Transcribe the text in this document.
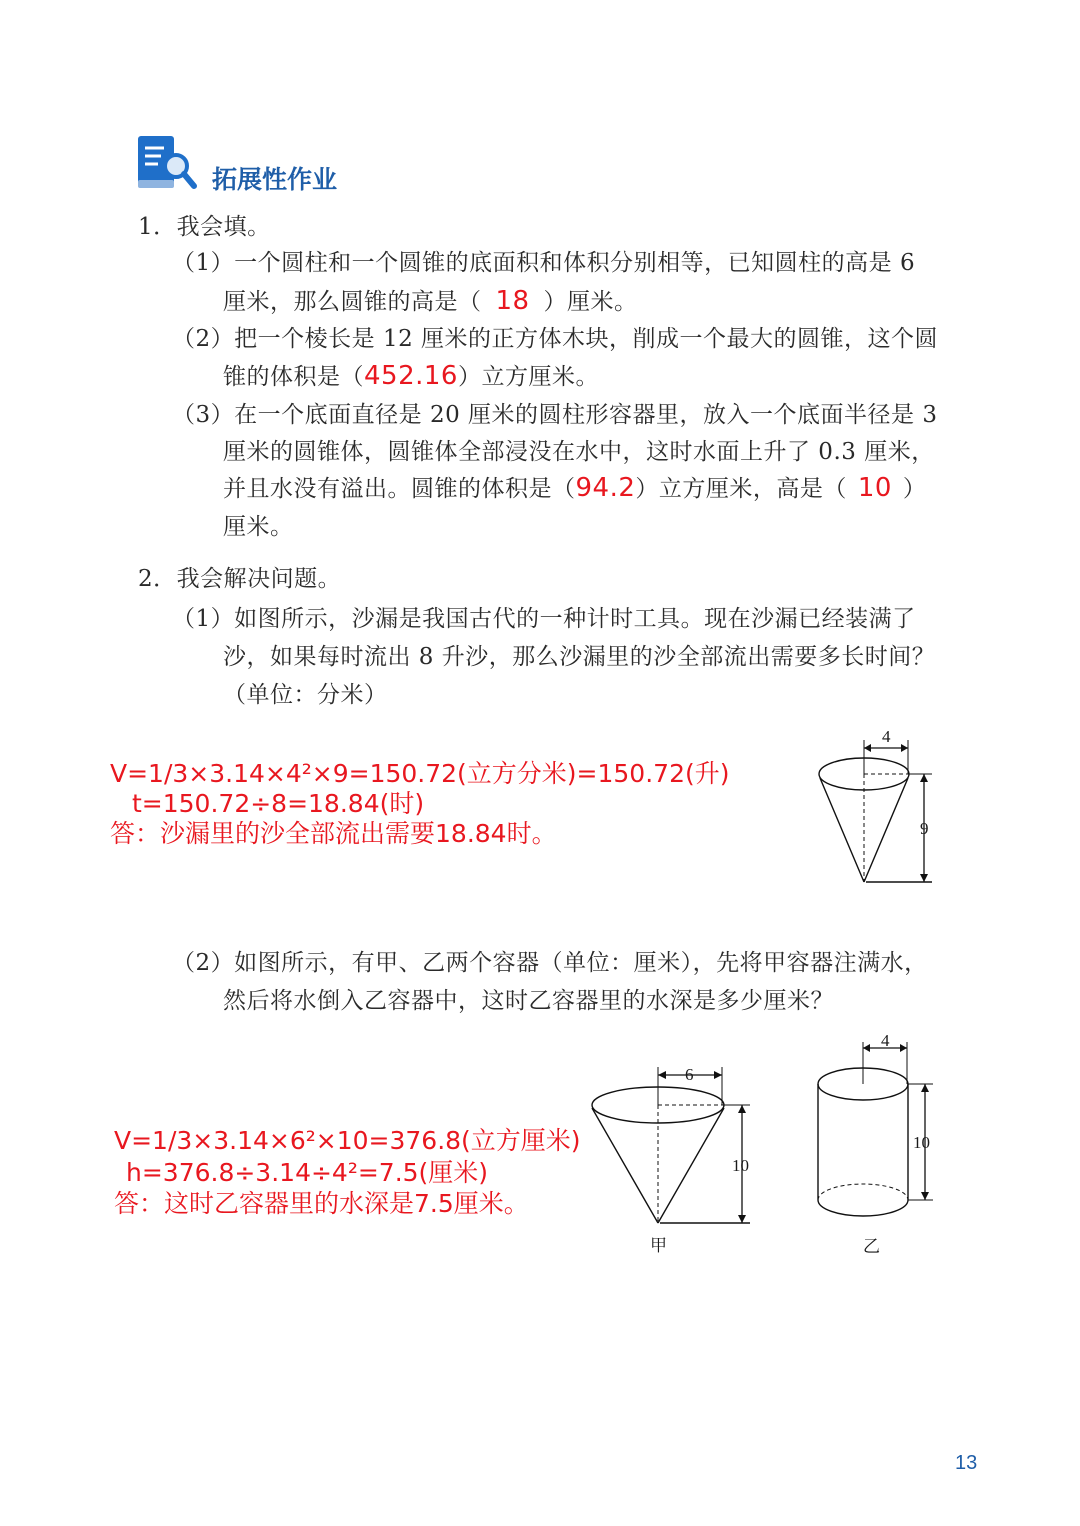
拓展性作业
1．我会填。
（1）一个圆柱和一个圆锥的底面积和体积分别相等，已知圆柱的高是 6
厘米，那么圆锥的高是（ 18 ）厘米。
（2）把一个棱长是 12 厘米的正方体木块，削成一个最大的圆锥，这个圆
锥的体积是（452.16）立方厘米。
（3）在一个底面直径是 20 厘米的圆柱形容器里，放入一个底面半径是 3
厘米的圆锥体，圆锥体全部浸没在水中，这时水面上升了 0.3 厘米，
并且水没有溢出。圆锥的体积是（94.2）立方厘米，高是（ 10 ）
厘米。
2．我会解决问题。
（1）如图所示，沙漏是我国古代的一种计时工具。现在沙漏已经装满了
沙，如果每时流出 8 升沙，那么沙漏里的沙全部流出需要多长时间？
（单位：分米）
V=1/3×3.14×4²×9=150.72(立方分米)=150.72(升)
t=150.72÷8=18.84(时)
答：沙漏里的沙全部流出需要18.84时。
4
9
（2）如图所示，有甲、乙两个容器（单位：厘米），先将甲容器注满水，
然后将水倒入乙容器中，这时乙容器里的水深是多少厘米？
V=1/3×3.14×6²×10=376.8(立方厘米)
h=376.8÷3.14÷4²=7.5(厘米)
答：这时乙容器里的水深是7.5厘米。
6
10
甲
4
10
乙
13
